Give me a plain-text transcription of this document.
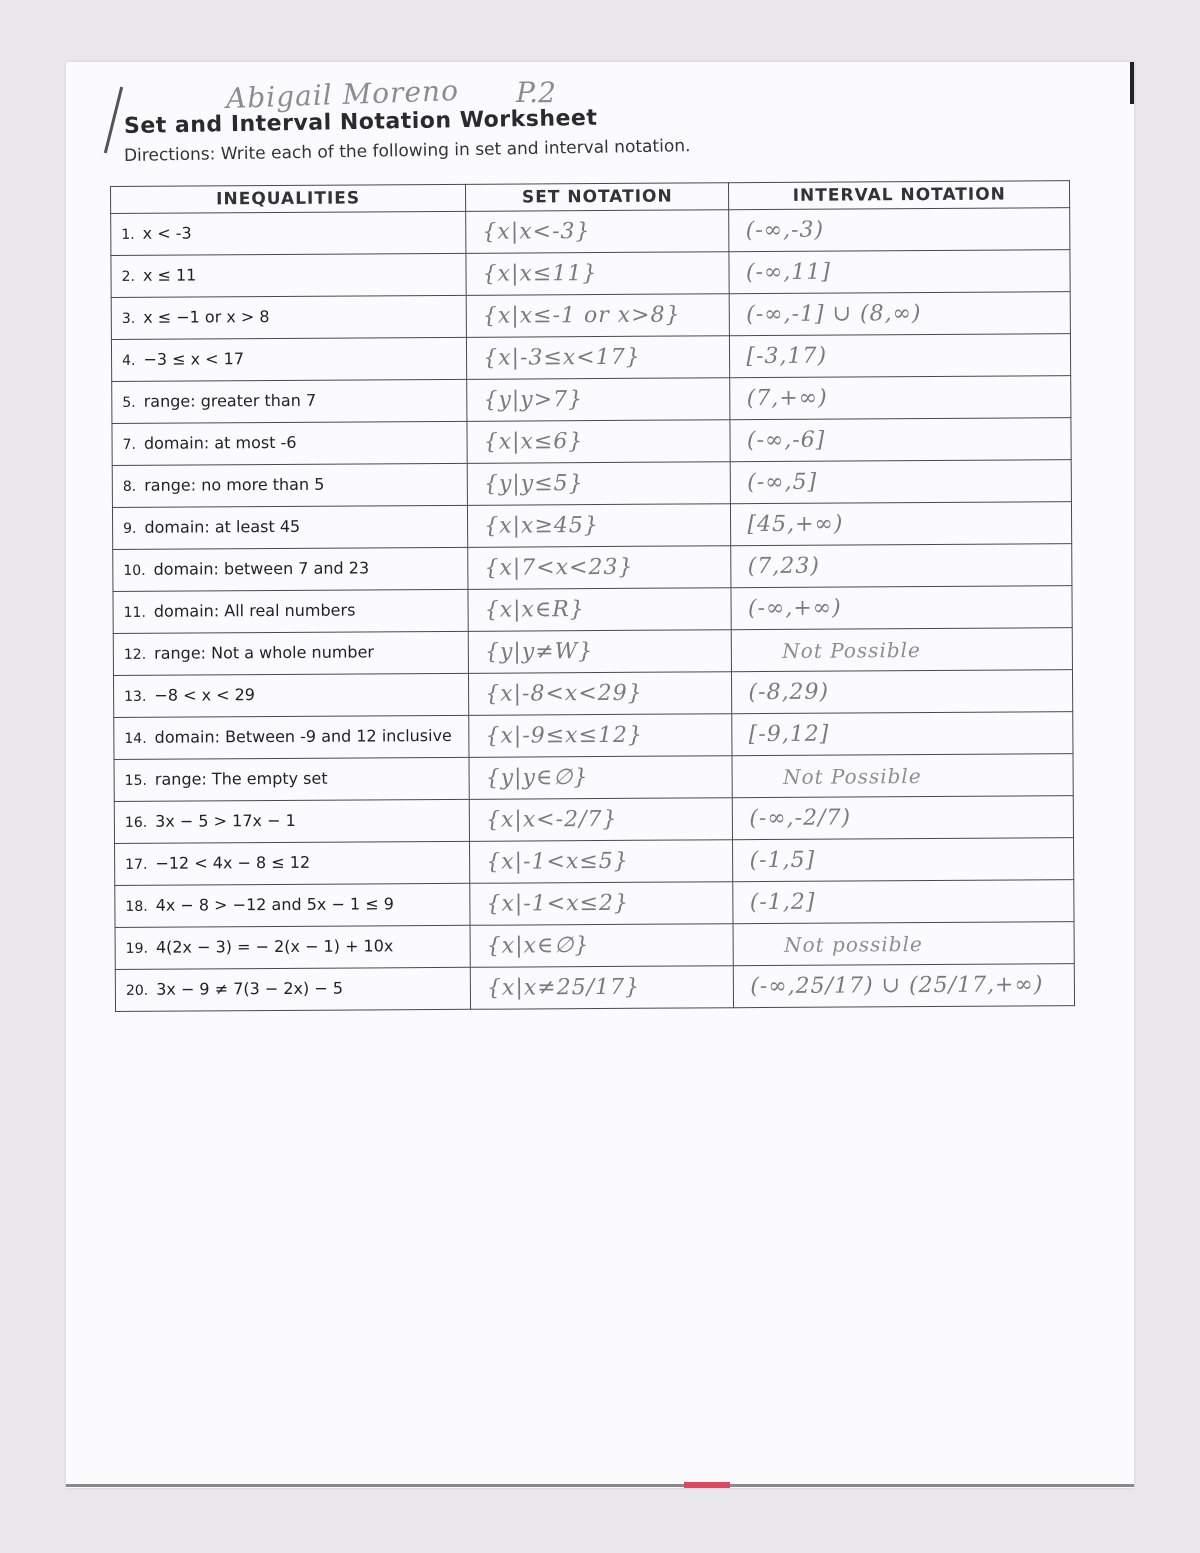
Abigail Moreno P.2
Set and Interval Notation Worksheet
Directions: Write each of the following in set and interval notation.
INEQUALITIES	SET NOTATION	INTERVAL NOTATION
1. x < -3	{x|x<-3}	(-∞,-3)
2. x ≤ 11	{x|x≤11}	(-∞,11]
3. x ≤ −1 or x > 8	{x|x≤-1 or x>8}	(-∞,-1] ∪ (8,∞)
4. −3 ≤ x < 17	{x|-3≤x<17}	[-3,17)
5. range: greater than 7	{y|y>7}	(7,+∞)
7. domain: at most -6	{x|x≤6}	(-∞,-6]
8. range: no more than 5	{y|y≤5}	(-∞,5]
9. domain: at least 45	{x|x≥45}	[45,+∞)
10. domain: between 7 and 23	{x|7<x<23}	(7,23)
11. domain: All real numbers	{x|x∈R}	(-∞,+∞)
12. range: Not a whole number	{y|y≠W}	Not Possible
13. −8 < x < 29	{x|-8<x<29}	(-8,29)
14. domain: Between -9 and 12 inclusive	{x|-9≤x≤12}	[-9,12]
15. range: The empty set	{y|y∈∅}	Not Possible
16. 3x − 5 > 17x − 1	{x|x<-2/7}	(-∞,-2/7)
17. −12 < 4x − 8 ≤ 12	{x|-1<x≤5}	(-1,5]
18. 4x − 8 > −12 and 5x − 1 ≤ 9	{x|-1<x≤2}	(-1,2]
19. 4(2x − 3) = − 2(x − 1) + 10x	{x|x∈∅}	Not possible
20. 3x − 9 ≠ 7(3 − 2x) − 5	{x|x≠25/17}	(-∞,25/17) ∪ (25/17,+∞)
